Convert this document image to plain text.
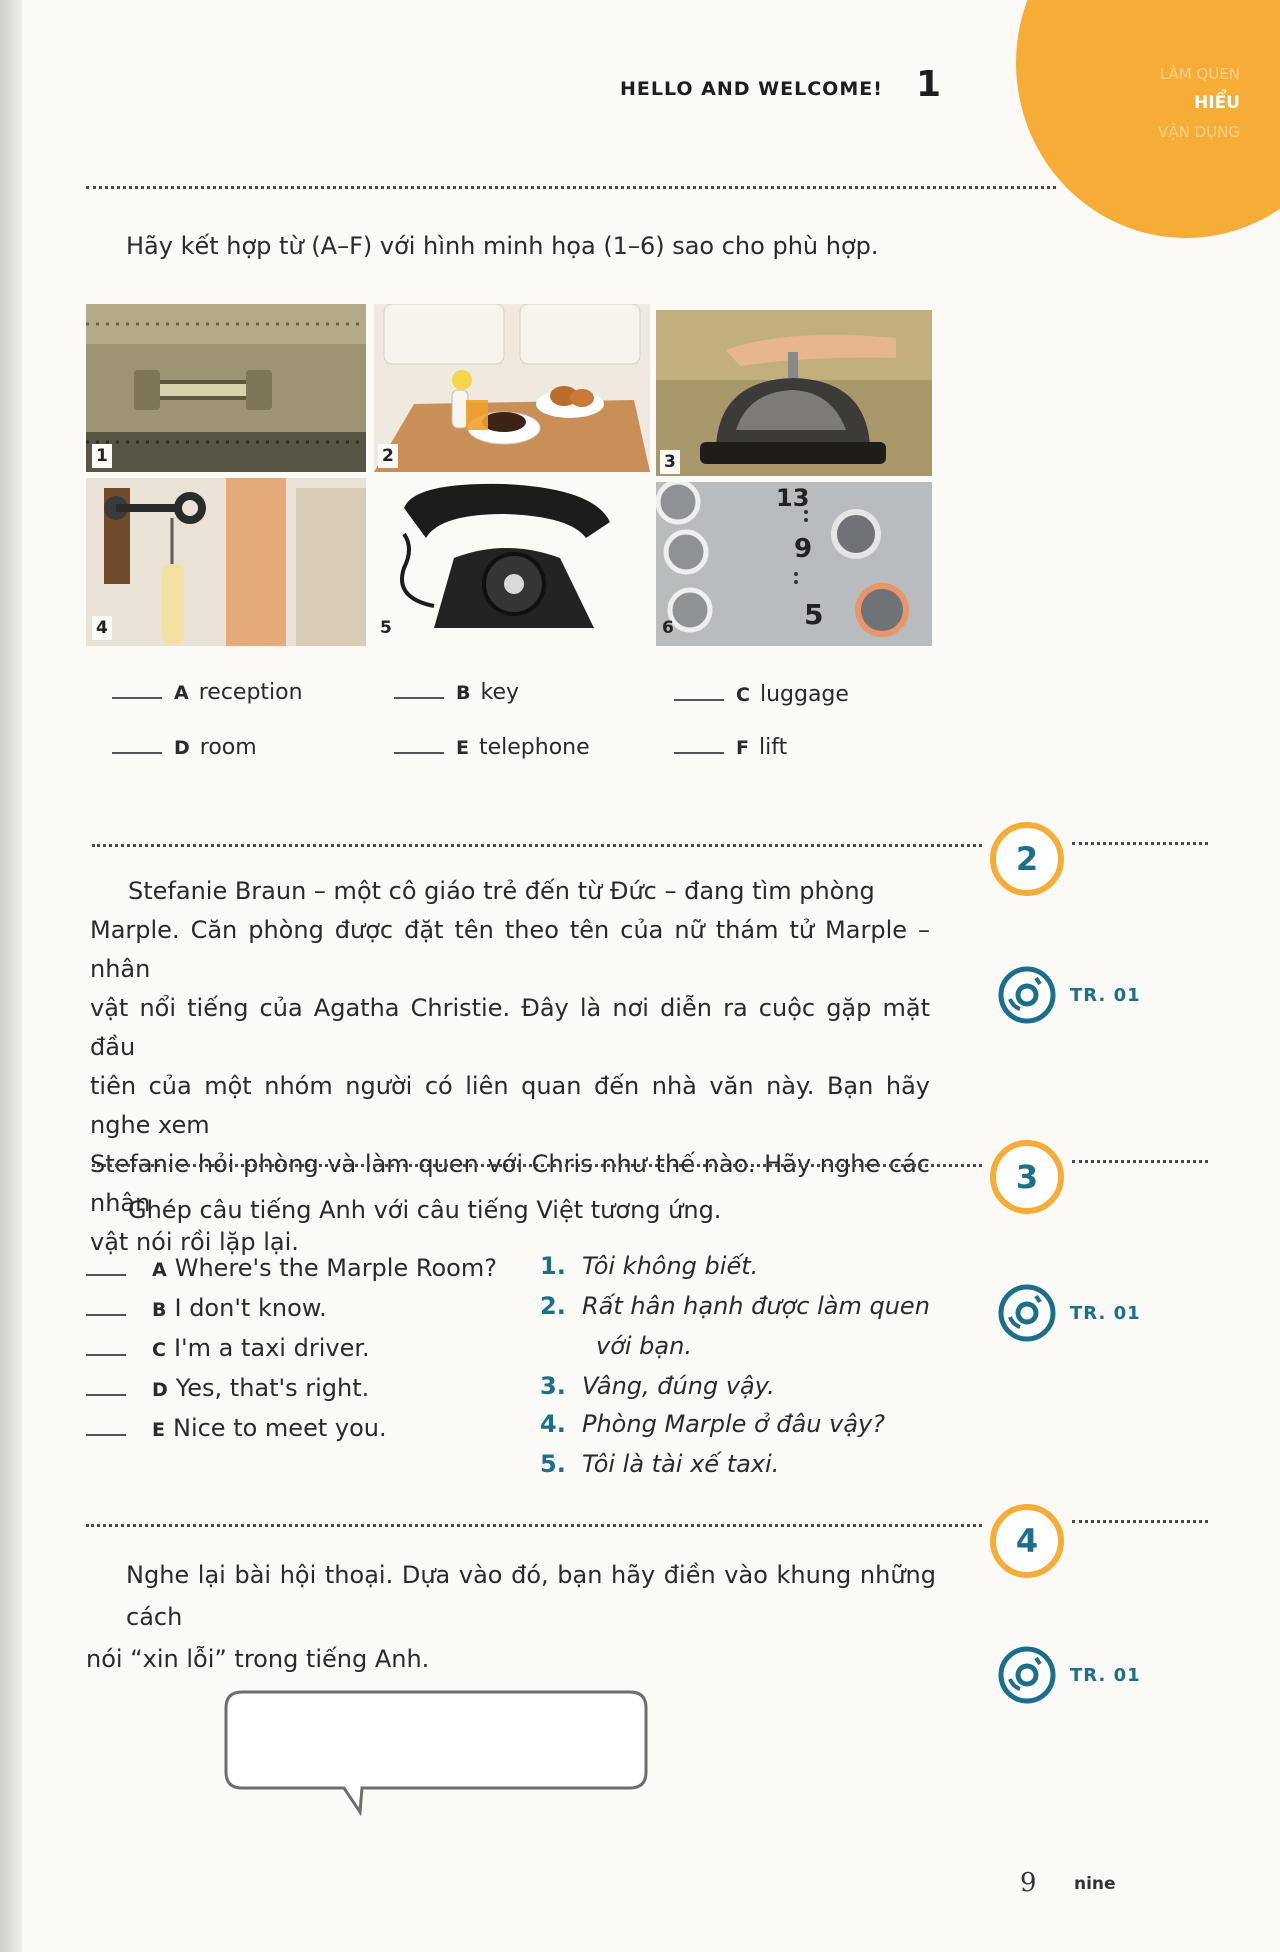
LÀM QUEN
HIỂU
VẬN DỤNG
HELLO AND WELCOME! 1
Hãy kết hợp từ (A–F) với hình minh họa (1–6) sao cho phù hợp.
1	2	3
4	5
13
9
5
6
A reception	B key	C luggage
D room	E telephone	F lift
2
Stefanie Braun – một cô giáo trẻ đến từ Đức – đang tìm phòng
Marple. Căn phòng được đặt tên theo tên của nữ thám tử Marple – nhân
vật nổi tiếng của Agatha Christie. Đây là nơi diễn ra cuộc gặp mặt đầu
tiên của một nhóm người có liên quan đến nhà văn này. Bạn hãy nghe xem
Stefanie hỏi phòng và làm quen với Chris như thế nào. Hãy nghe các nhân
vật nói rồi lặp lại.
TR. 01
3
Ghép câu tiếng Anh với câu tiếng Việt tương ứng.
A Where's the Marple Room?
B I don't know.
C I'm a taxi driver.
D Yes, that's right.
E Nice to meet you.
1. Tôi không biết.
2. Rất hân hạnh được làm quen
với bạn.
3. Vâng, đúng vậy.
4. Phòng Marple ở đâu vậy?
5. Tôi là tài xế taxi.
TR. 01
4
Nghe lại bài hội thoại. Dựa vào đó, bạn hãy điền vào khung những cách
nói “xin lỗi” trong tiếng Anh.
TR. 01
9 nine
